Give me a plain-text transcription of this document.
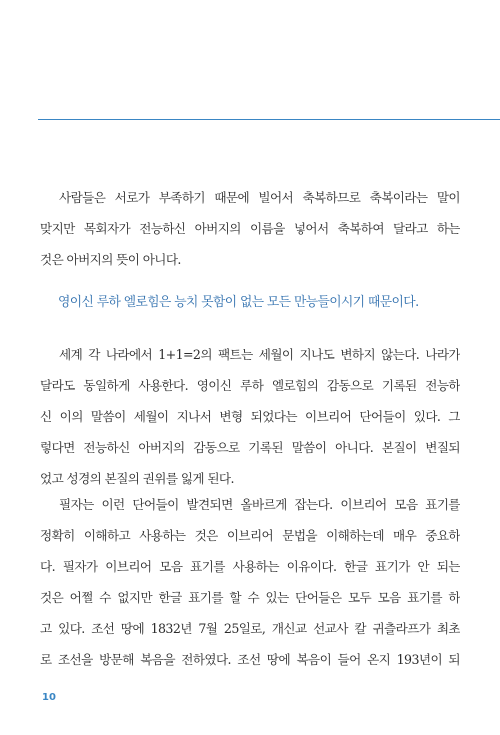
사람들은 서로가 부족하기 때문에 빌어서 축복하므로 축복이라는 말이
맞지만 목회자가 전능하신 아버지의 이름을 넣어서 축복하여 달라고 하는
것은 아버지의 뜻이 아니다.

영이신 루하 엘로힘은 능치 못함이 없는 모든 만능들이시기 때문이다.

세계 각 나라에서 1+1=2의 팩트는 세월이 지나도 변하지 않는다. 나라가
달라도 동일하게 사용한다. 영이신 루하 엘로힘의 감동으로 기록된 전능하
신 이의 말씀이 세월이 지나서 변형 되었다는 이브리어 단어들이 있다. 그
렇다면 전능하신 아버지의 감동으로 기록된 말씀이 아니다. 본질이 변질되
었고 성경의 본질의 권위를 잃게 된다.
필자는 이런 단어들이 발견되면 올바르게 잡는다. 이브리어 모음 표기를
정확히 이해하고 사용하는 것은 이브리어 문법을 이해하는데 매우 중요하
다. 필자가 이브리어 모음 표기를 사용하는 이유이다. 한글 표기가 안 되는
것은 어쩔 수 없지만 한글 표기를 할 수 있는 단어들은 모두 모음 표기를 하
고 있다. 조선 땅에 1832년 7월 25일로, 개신교 선교사 칼 귀츨라프가 최초
로 조선을 방문해 복음을 전하였다. 조선 땅에 복음이 들어 온지 193년이 되
10
